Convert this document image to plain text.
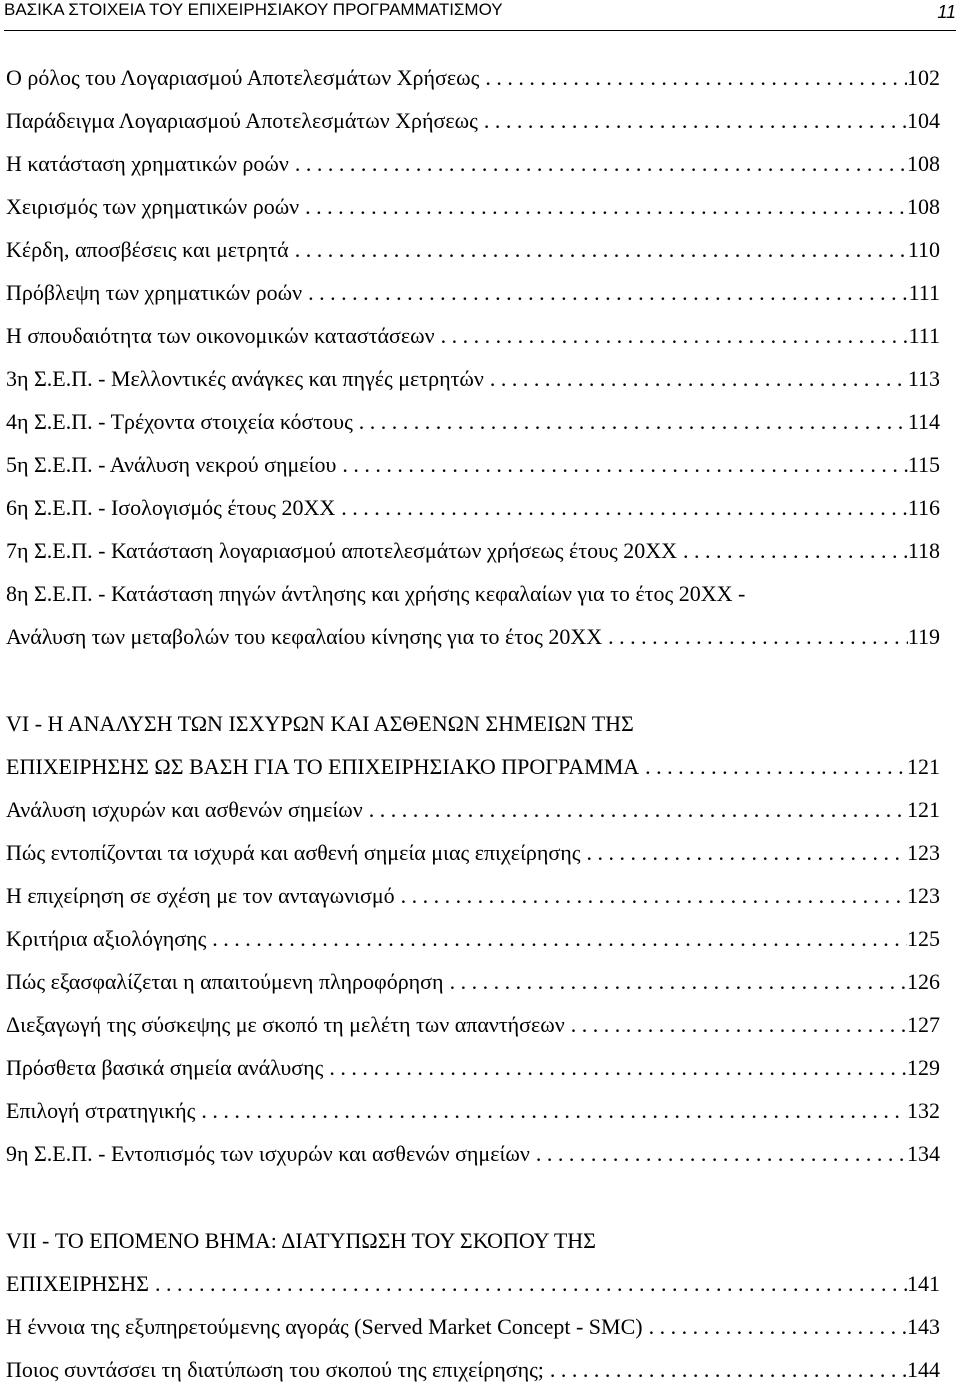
ΒΑΣΙΚΑ ΣΤΟΙΧΕΙΑ ΤΟΥ ΕΠΙΧΕΙΡΗΣΙΑΚΟΥ ΠΡΟΓΡΑΜΜΑΤΙΣΜΟΥ	11
Ο ρόλος του Λογαριασμού Αποτελεσμάτων Χρήσεως . . .	102
Παράδειγμα Λογαριασμού Αποτελεσμάτων Χρήσεως . . .	104
Η κατάσταση χρηματικών ροών . . .	108
Χειρισμός των χρηματικών ροών . . .	108
Κέρδη, αποσβέσεις και μετρητά . . .	110
Πρόβλεψη των χρηματικών ροών . . .	111
Η σπουδαιότητα των οικονομικών καταστάσεων . . .	111
3η Σ.Ε.Π. - Μελλοντικές ανάγκες και πηγές μετρητών . . .	113
4η Σ.Ε.Π. - Τρέχοντα στοιχεία κόστους . . .	114
5η Σ.Ε.Π. - Ανάλυση νεκρού σημείου . . .	115
6η Σ.Ε.Π. - Ισολογισμός έτους 20ΧΧ . . .	116
7η Σ.Ε.Π. - Κατάσταση λογαριασμού αποτελεσμάτων χρήσεως έτους 20ΧΧ . . .	118
8η Σ.Ε.Π. - Κατάσταση πηγών άντλησης και χρήσης κεφαλαίων για το έτος 20ΧΧ -
Ανάλυση των μεταβολών του κεφαλαίου κίνησης για το έτος 20ΧΧ . . .	119
VI - Η ΑΝΑΛΥΣΗ ΤΩΝ ΙΣΧΥΡΩΝ ΚΑΙ ΑΣΘΕΝΩΝ ΣΗΜΕΙΩΝ ΤΗΣ
ΕΠΙΧΕΙΡΗΣΗΣ ΩΣ ΒΑΣΗ ΓΙΑ ΤΟ ΕΠΙΧΕΙΡΗΣΙΑΚΟ ΠΡΟΓΡΑΜΜΑ . . .	121
Ανάλυση ισχυρών και ασθενών σημείων . . .	121
Πώς εντοπίζονται τα ισχυρά και ασθενή σημεία μιας επιχείρησης . . .	123
Η επιχείρηση σε σχέση με τον ανταγωνισμό . . .	123
Κριτήρια αξιολόγησης . . .	125
Πώς εξασφαλίζεται η απαιτούμενη πληροφόρηση . . .	126
Διεξαγωγή της σύσκεψης με σκοπό τη μελέτη των απαντήσεων . . .	127
Πρόσθετα βασικά σημεία ανάλυσης . . .	129
Επιλογή στρατηγικής . . .	132
9η Σ.Ε.Π. - Εντοπισμός των ισχυρών και ασθενών σημείων . . .	134
VII - ΤΟ ΕΠΟΜΕΝΟ ΒΗΜΑ: ΔΙΑΤΥΠΩΣΗ ΤΟΥ ΣΚΟΠΟΥ ΤΗΣ
ΕΠΙΧΕΙΡΗΣΗΣ . . .	141
Η έννοια της εξυπηρετούμενης αγοράς (Served Market Concept - SMC) . . .	143
Ποιος συντάσσει τη διατύπωση του σκοπού της επιχείρησης; . . .	144
